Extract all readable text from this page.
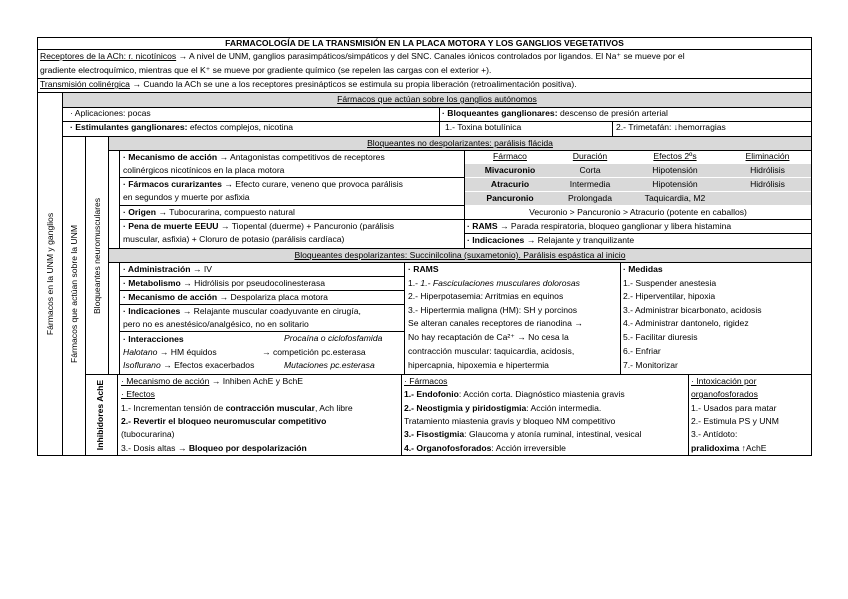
FARMACOLOGÍA DE LA TRANSMISIÓN EN LA PLACA MOTORA Y LOS GANGLIOS VEGETATIVOS
Receptores de la ACh: r. nicotínicos → A nivel de UNM, ganglios parasimpáticos/simpáticos y del SNC. Canales iónicos controlados por ligandos. El Na⁺ se mueve por el
gradiente electroquímico, mientras que el K⁺ se mueve por gradiente químico (se repelen las cargas con el exterior +).
Transmisión colinérgica → Cuando la ACh se une a los receptores presinápticos se estimula su propia liberación (retroalimentación positiva).
Fármacos en la UNM y ganglios Fármacos que actúan sobre la UNM Bloqueantes neuromusculares
Inhibidores AchE
Fármacos que actúan sobre los ganglios autónomos
· Aplicaciones: pocas
· Estimulantes ganglionares: efectos complejos, nicotina
· Bloqueantes ganglionares: descenso de presión arterial
1.- Toxina botulínica	2.- Trimetafán: ↓hemorragias
Bloqueantes no despolarizantes: parálisis flácida
· Mecanismo de acción → Antagonistas competitivos de receptores
colinérgicos nicotínicos en la placa motora
· Fármacos curarizantes → Efecto curare, veneno que provoca parálisis
en segundos y muerte por asfixia
· Origen → Tubocurarina, compuesto natural
· Pena de muerte EEUU → Tiopental (duerme) + Pancuronio (parálisis
muscular, asfixia) + Cloruro de potasio (parálisis cardíaca)
Fármaco	Duración	Efectos 2ºs	Eliminación
Mivacuronio	Corta	Hipotensión	Hidrólisis
Atracurio	Intermedia	Hipotensión	Hidrólisis
Pancuronio	Prolongada	Taquicardia, M2
Vecuronio > Pancuronio > Atracurio (potente en caballos)
· RAMS → Parada respiratoria, bloqueo ganglionar y libera histamina
· Indicaciones → Relajante y tranquilizante
Bloqueantes despolarizantes: Succinilcolina (suxametonio). Parálisis espástica al inicio
· Administración → IV
· Metabolismo → Hidrólisis por pseudocolinesterasa
· Mecanismo de acción → Despolariza placa motora
· Indicaciones → Relajante muscular coadyuvante en cirugía,
pero no es anestésico/analgésico, no en solitario
· Interacciones	Procaína o ciclofosfamida
Halotano → HM équidos	→ competición pc.esterasa
Isoflurano → Efectos exacerbados	Mutaciones pc.esterasa
· RAMS
1.- 1.- Fasciculaciones musculares dolorosas
2.- Hiperpotasemia: Arritmias en equinos
3.- Hipertermia maligna (HM): SH y porcinos
Se alteran canales receptores de rianodina →
No hay recaptación de Ca²⁺ → No cesa la
contracción muscular: taquicardia, acidosis,
hipercapnia, hipoxemia e hipertermia
· Medidas
1.- Suspender anestesia
2.- Hiperventilar, hipoxia
3.- Administrar bicarbonato, acidosis
4.- Administrar dantonelo, rigidez
5.- Facilitar diuresis
6.- Enfriar
7.- Monitorizar
· Mecanismo de acción → Inhiben AchE y BchE
· Efectos
1.- Incrementan tensión de contracción muscular, Ach libre
2.- Revertir el bloqueo neuromuscular competitivo
(tubocurarina)
3.- Dosis altas → Bloqueo por despolarización
· Fármacos
1.- Endofonio: Acción corta. Diagnóstico miastenia gravis
2.- Neostigmia y piridostigmia: Acción intermedia.
Tratamiento miastenia gravis y bloqueo NM competitivo
3.- Fisostigmia: Glaucoma y atonía ruminal, intestinal, vesical
4.- Organofosforados: Acción irreversible
· Intoxicación por
organofosforados
1.- Usados para matar
2.- Estimula PS y UNM
3.- Antídoto:
pralidoxima ↑AchE
